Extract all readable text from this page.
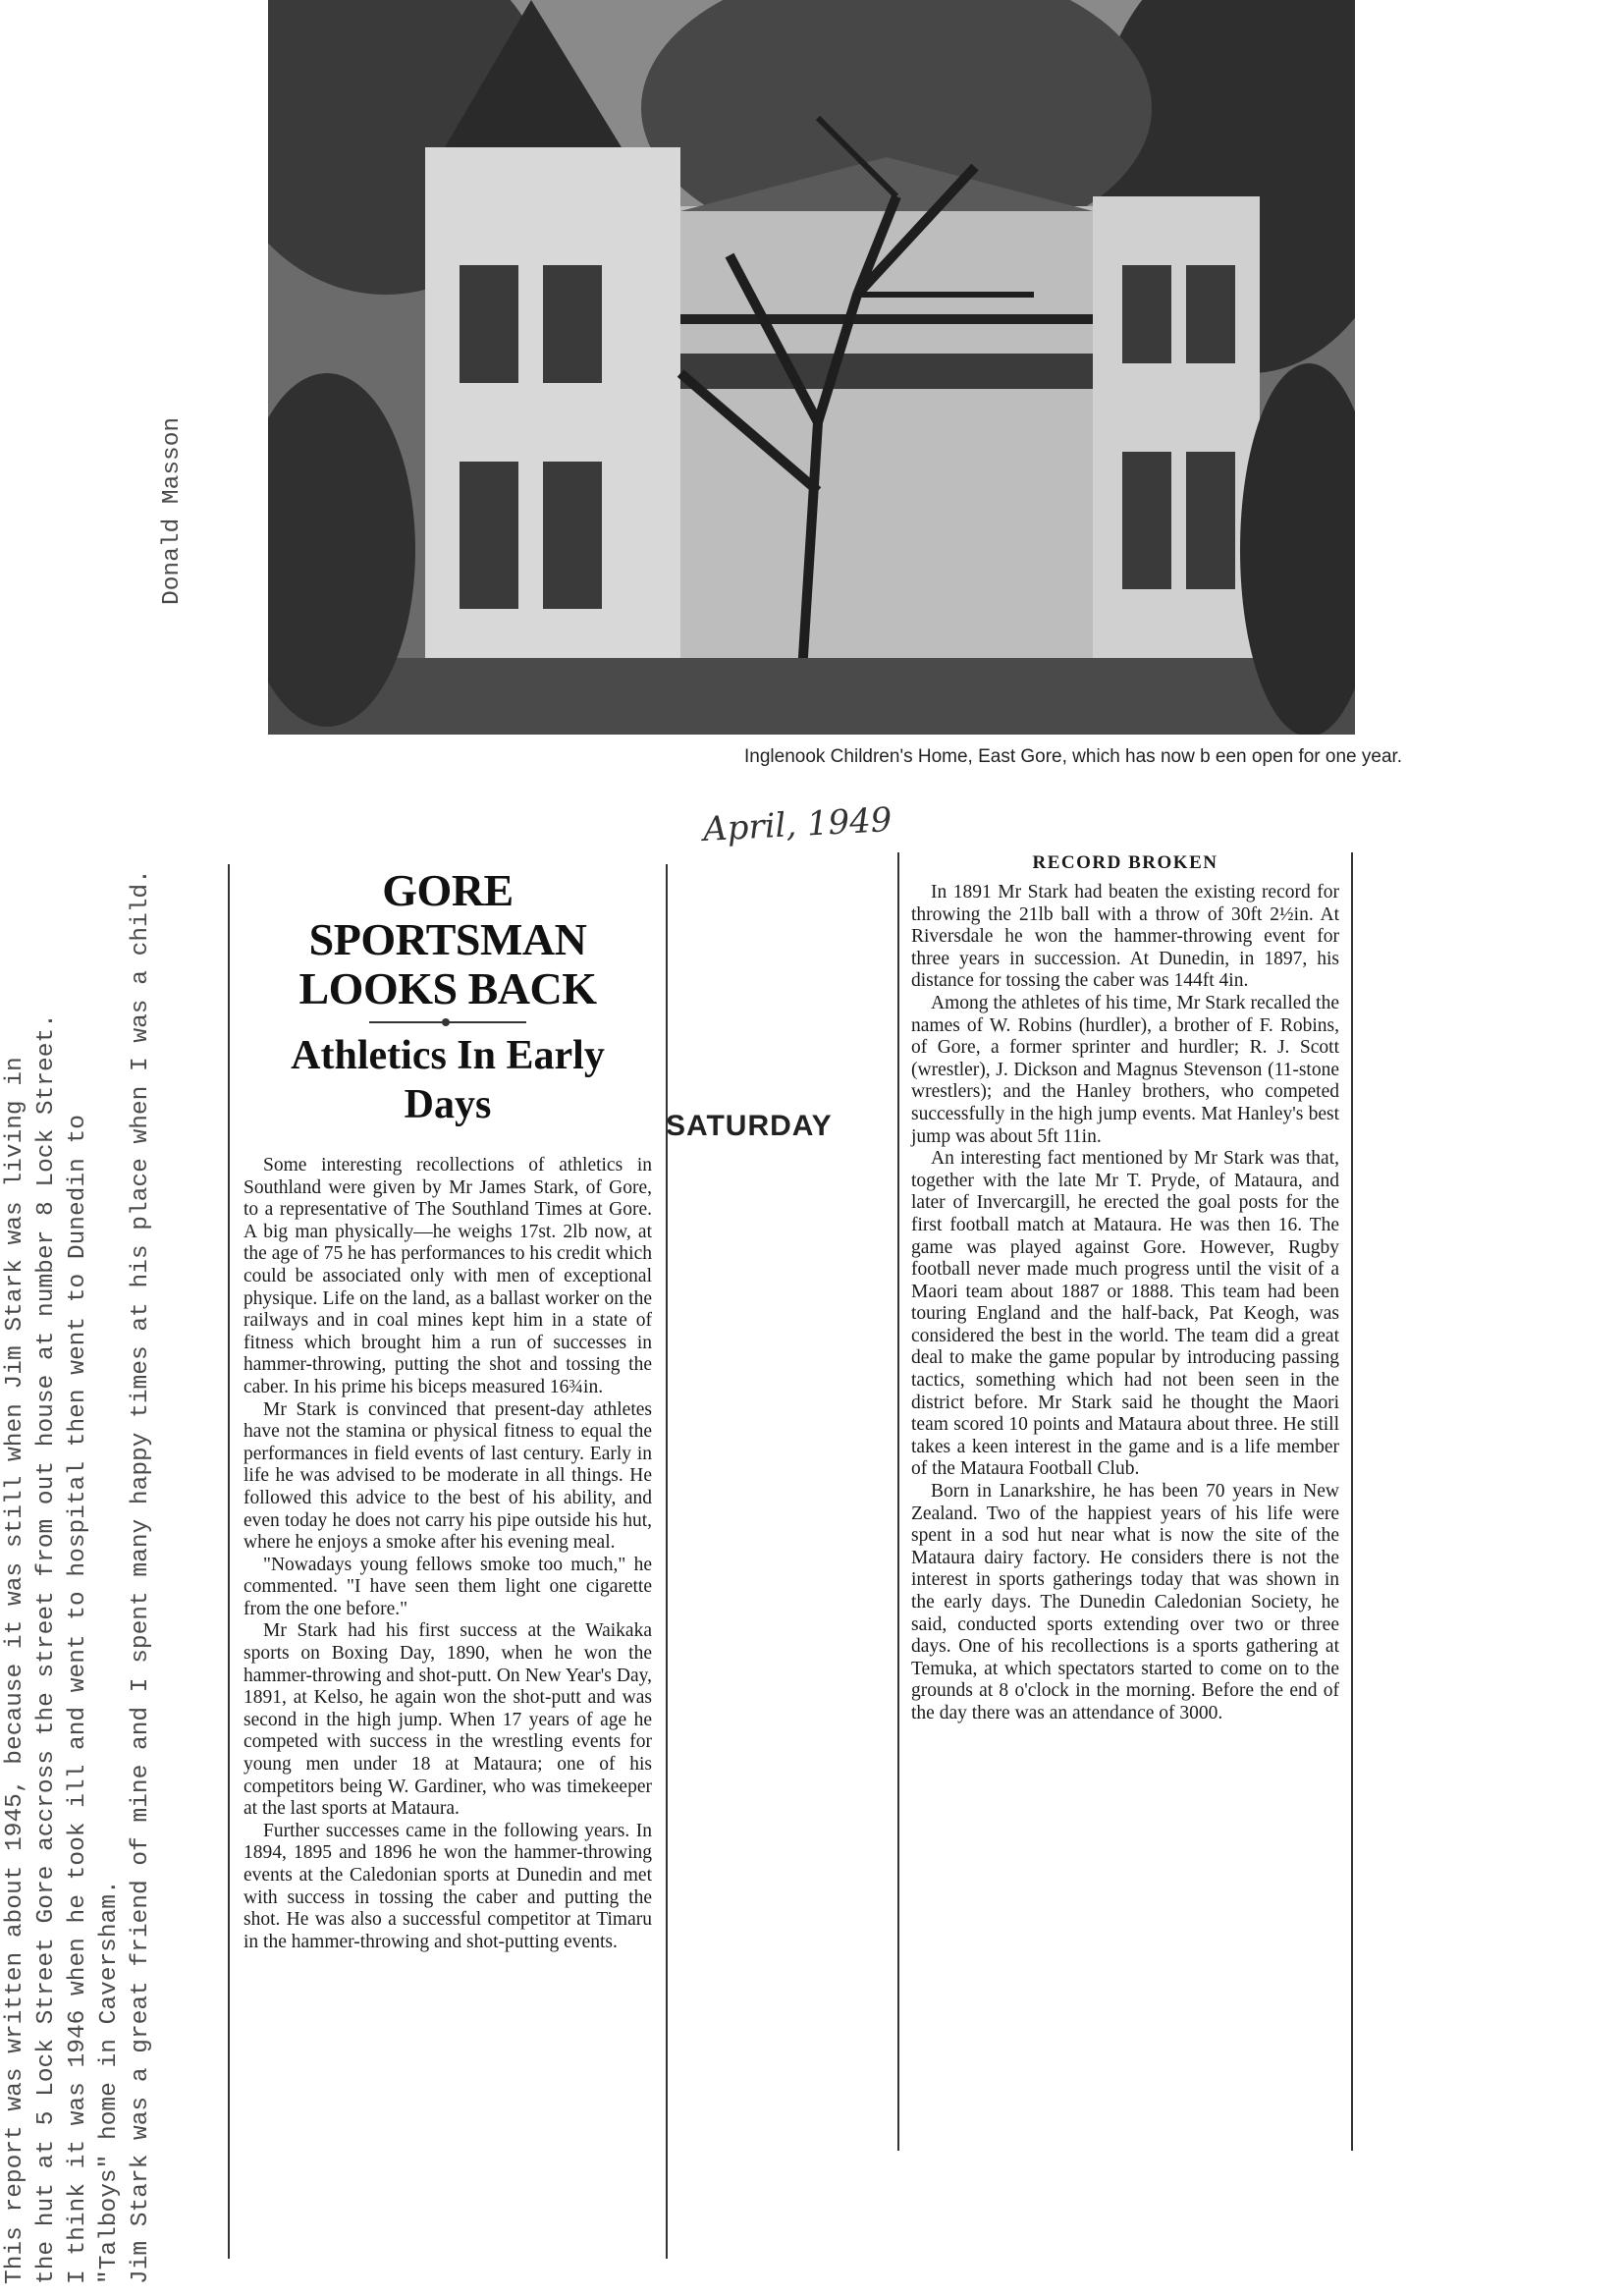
This report was written about 1945, because it was still when Jim Stark was living in the hut at 5 Lock Street Gore accross the street from out house at number 8 Lock Street. I think it was 1946 when he took ill and went to hospital then went to Dunedin to "Talboys" home in Caversham. Jim Stark was a great friend of mine and I spent many happy times at his place when I was a child.
Donald Masson
Inglenook Children's Home, East Gore, which has now b een open for one year.
April, 1949
SATURDAY
GORE SPORTSMAN
LOOKS BACK
Athletics In Early
Days

Some interesting recollections of athletics in Southland were given by Mr James Stark, of Gore, to a representative of The Southland Times at Gore. A big man physically—he weighs 17st. 2lb now, at the age of 75 he has performances to his credit which could be associated only with men of exceptional physique. Life on the land, as a ballast worker on the railways and in coal mines kept him in a state of fitness which brought him a run of successes in hammer-throwing, putting the shot and tossing the caber. In his prime his biceps measured 16¾in.

Mr Stark is convinced that present-day athletes have not the stamina or physical fitness to equal the performances in field events of last century. Early in life he was advised to be moderate in all things. He followed this advice to the best of his ability, and even today he does not carry his pipe outside his hut, where he enjoys a smoke after his evening meal.

"Nowadays young fellows smoke too much," he commented. "I have seen them light one cigarette from the one before."

Mr Stark had his first success at the Waikaka sports on Boxing Day, 1890, when he won the hammer-throwing and shot-putt. On New Year's Day, 1891, at Kelso, he again won the shot-putt and was second in the high jump. When 17 years of age he competed with success in the wrestling events for young men under 18 at Mataura; one of his competitors being W. Gardiner, who was timekeeper at the last sports at Mataura.

Further successes came in the following years. In 1894, 1895 and 1896 he won the hammer-throwing events at the Caledonian sports at Dunedin and met with success in tossing the caber and putting the shot. He was also a successful competitor at Timaru in the hammer-throwing and shot-putting events.

RECORD BROKEN

In 1891 Mr Stark had beaten the existing record for throwing the 21lb ball with a throw of 30ft 2½in. At Riversdale he won the hammer-throwing event for three years in succession. At Dunedin, in 1897, his distance for tossing the caber was 144ft 4in.

Among the athletes of his time, Mr Stark recalled the names of W. Robins (hurdler), a brother of F. Robins, of Gore, a former sprinter and hurdler; R. J. Scott (wrestler), J. Dickson and Magnus Stevenson (11-stone wrestlers); and the Hanley brothers, who competed successfully in the high jump events. Mat Hanley's best jump was about 5ft 11in.

An interesting fact mentioned by Mr Stark was that, together with the late Mr T. Pryde, of Mataura, and later of Invercargill, he erected the goal posts for the first football match at Mataura. He was then 16. The game was played against Gore. However, Rugby football never made much progress until the visit of a Maori team about 1887 or 1888. This team had been touring England and the half-back, Pat Keogh, was considered the best in the world. The team did a great deal to make the game popular by introducing passing tactics, something which had not been seen in the district before. Mr Stark said he thought the Maori team scored 10 points and Mataura about three. He still takes a keen interest in the game and is a life member of the Mataura Football Club.

Born in Lanarkshire, he has been 70 years in New Zealand. Two of the happiest years of his life were spent in a sod hut near what is now the site of the Mataura dairy factory. He considers there is not the interest in sports gatherings today that was shown in the early days. The Dunedin Caledonian Society, he said, conducted sports extending over two or three days. One of his recollections is a sports gathering at Temuka, at which spectators started to come on to the grounds at 8 o'clock in the morning. Before the end of the day there was an attendance of 3000.
